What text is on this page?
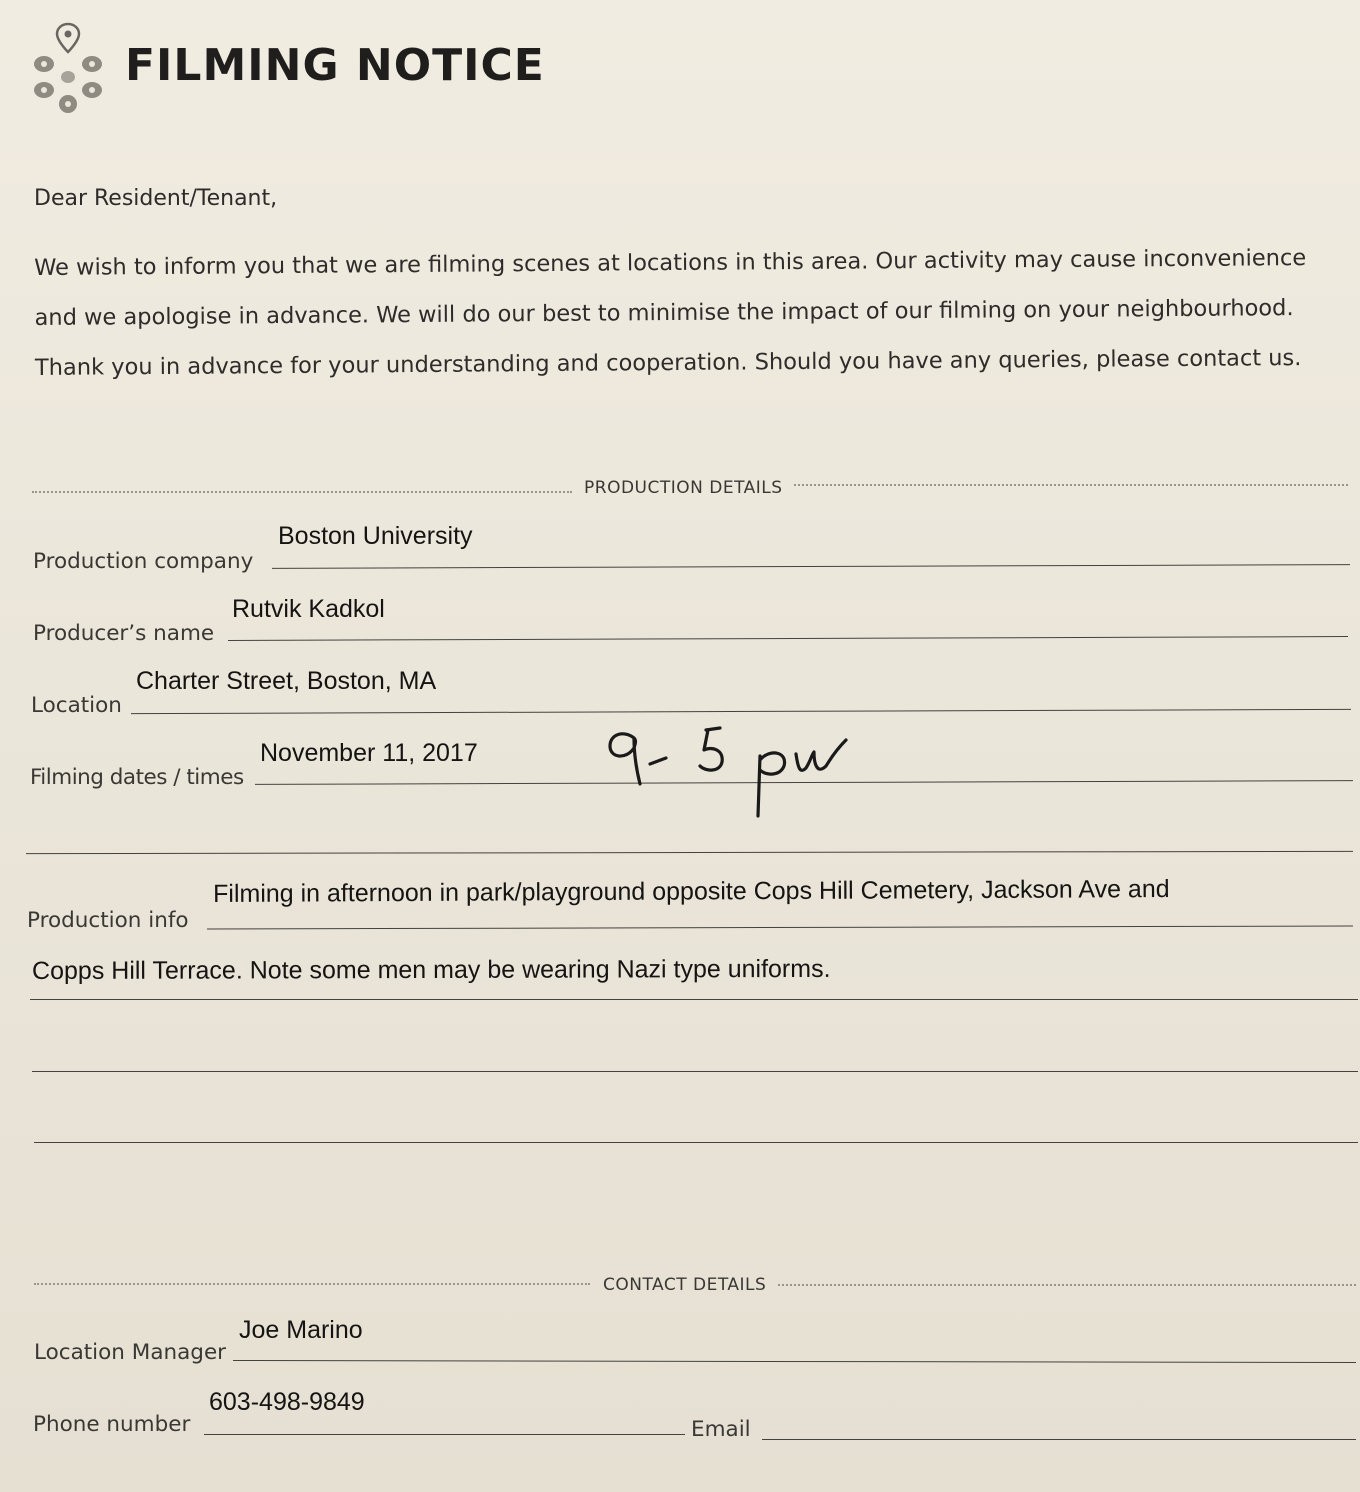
FILMING NOTICE
Dear Resident/Tenant,
We wish to inform you that we are filming scenes at locations in this area. Our activity may cause inconvenience and we apologise in advance. We will do our best to minimise the impact of our filming on your neighbourhood. Thank you in advance for your understanding and cooperation. Should you have any queries, please contact us.
PRODUCTION DETAILS
Production company
Boston University
Producer’s name
Rutvik Kadkol
Location
Charter Street, Boston, MA
Filming dates / times
November 11, 2017
Production info
Filming in afternoon in park/playground opposite Cops Hill Cemetery, Jackson Ave and
Copps Hill Terrace. Note some men may be wearing Nazi type uniforms.
CONTACT DETAILS
Location Manager
Joe Marino
Phone number
603-498-9849
Email
